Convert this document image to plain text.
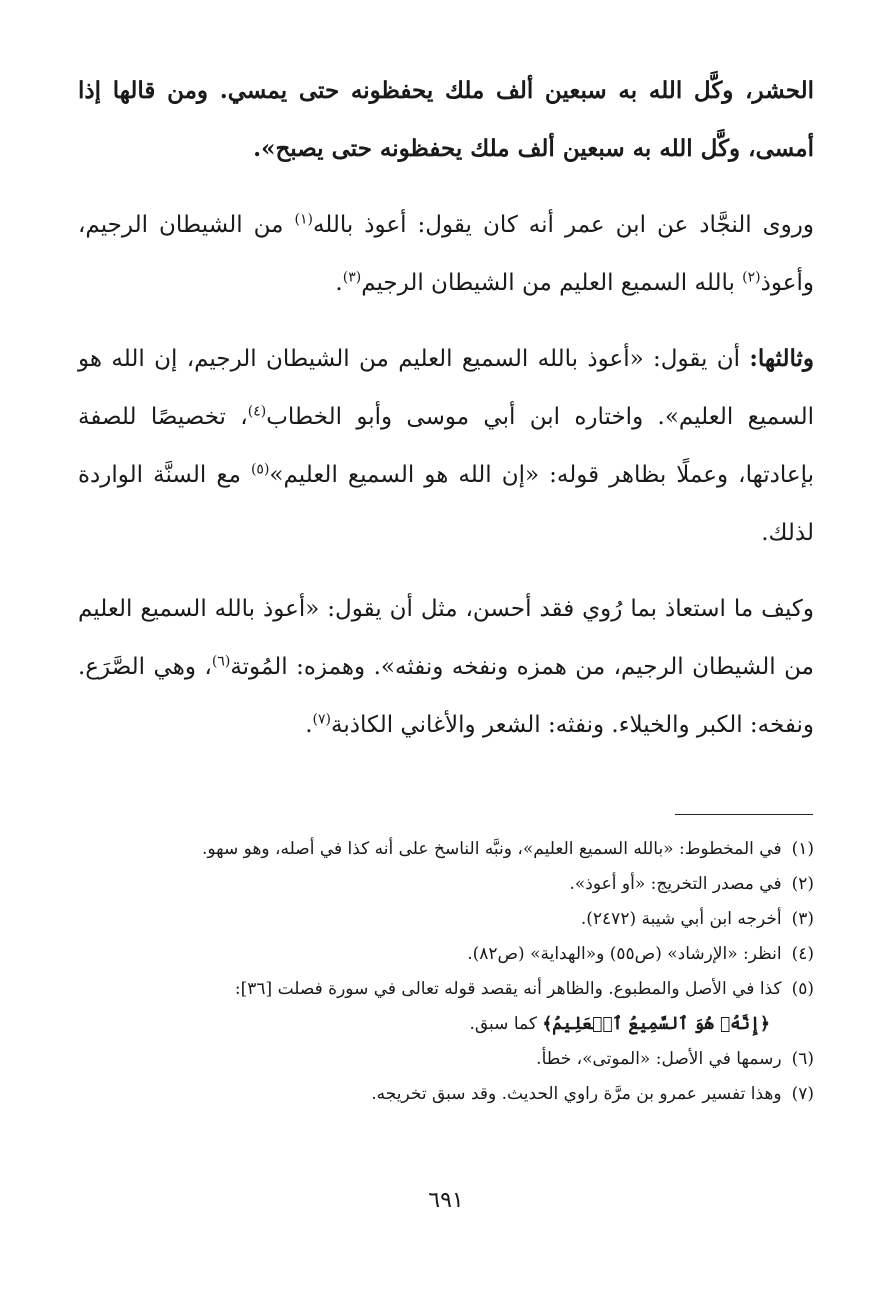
الحشر، وكَّل الله به سبعين ألف ملك يحفظونه حتى يمسي. ومن قالها إذا أمسى، وكَّل الله به سبعين ألف ملك يحفظونه حتى يصبح».

وروى النجَّاد عن ابن عمر أنه كان يقول: أعوذ بالله$^{(١)}$ من الشيطان الرجيم، وأعوذ$^{(٢)}$ بالله السميع العليم من الشيطان الرجيم$^{(٣)}$.

وثالثها: أن يقول: «أعوذ بالله السميع العليم من الشيطان الرجيم، إن الله هو السميع العليم». واختاره ابن أبي موسى وأبو الخطاب$^{(٤)}$، تخصيصًا للصفة بإعادتها، وعملًا بظاهر قوله: «إن الله هو السميع العليم»$^{(٥)}$ مع السنَّة الواردة لذلك.

وكيف ما استعاذ بما رُوي فقد أحسن، مثل أن يقول: «أعوذ بالله السميع العليم من الشيطان الرجيم، من همزه ونفخه ونفثه». وهمزه: المُوتة$^{(٦)}$، وهي الصَّرَع. ونفخه: الكبر والخيلاء. ونفثه: الشعر والأغاني الكاذبة$^{(٧)}$.

(١)في المخطوط: «بالله السميع العليم»، ونبَّه الناسخ على أنه كذا في أصله، وهو سهو.
(٢)في مصدر التخريج: «أو أعوذ».
(٣)أخرجه ابن أبي شيبة (٢٤٧٢).
(٤)انظر: «الإرشاد» (ص٥٥) و«الهداية» (ص٨٢).
(٥)كذا في الأصل والمطبوع. والظاهر أنه يقصد قوله تعالى في سورة فصلت [٣٦]:
﴿إِنَّهُۥ هُوَ ٱلسَّمِيعُ ٱلۡعَلِيمُ﴾ كما سبق.
(٦)رسمها في الأصل: «الموتى»، خطأ.
(٧)وهذا تفسير عمرو بن مرَّة راوي الحديث. وقد سبق تخريجه.
٦٩١
